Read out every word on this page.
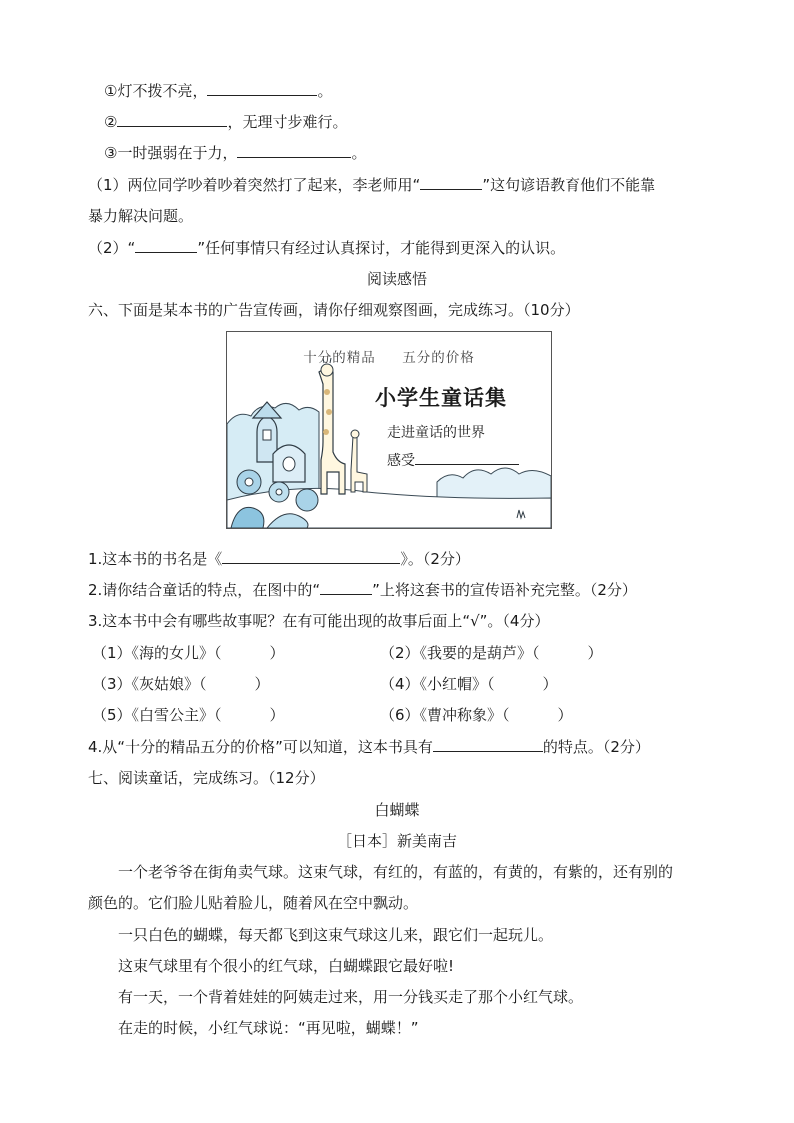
①灯不拨不亮，	。
②	，无理寸步难行。
③一时强弱在于力，	。
（1）两位同学吵着吵着突然打了起来，李老师用“	”这句谚语教育他们不能靠
暴力解决问题。
（2）“	”任何事情只有经过认真探讨，才能得到更深入的认识。
阅读感悟
六、下面是某本书的广告宣传画，请你仔细观察图画，完成练习。（10分）
十分的精品 五分的价格
小学生童话集
走进童话的世界
感受
1.这本书的书名是《	》。（2分）
2.请你结合童话的特点，在图中的“	”上将这套书的宣传语补充完整。（2分）
3.这本书中会有哪些故事呢？在有可能出现的故事后面上“√”。（4分）
（1）《海的女儿》（	）	（2）《我要的是葫芦》（	）
（3）《灰姑娘》（	）	（4）《小红帽》（	）
（5）《白雪公主》（	）	（6）《曹冲称象》（	）
4.从“十分的精品五分的价格”可以知道，这本书具有	的特点。（2分）
七、阅读童话，完成练习。（12分）
白蝴蝶
［日本］新美南吉
一个老爷爷在街角卖气球。这束气球，有红的，有蓝的，有黄的，有紫的，还有别的
颜色的。它们脸儿贴着脸儿，随着风在空中飘动。
一只白色的蝴蝶，每天都飞到这束气球这儿来，跟它们一起玩儿。
这束气球里有个很小的红气球，白蝴蝶跟它最好啦!
有一天，一个背着娃娃的阿姨走过来，用一分钱买走了那个小红气球。
在走的时候，小红气球说：“再见啦，蝴蝶！”
